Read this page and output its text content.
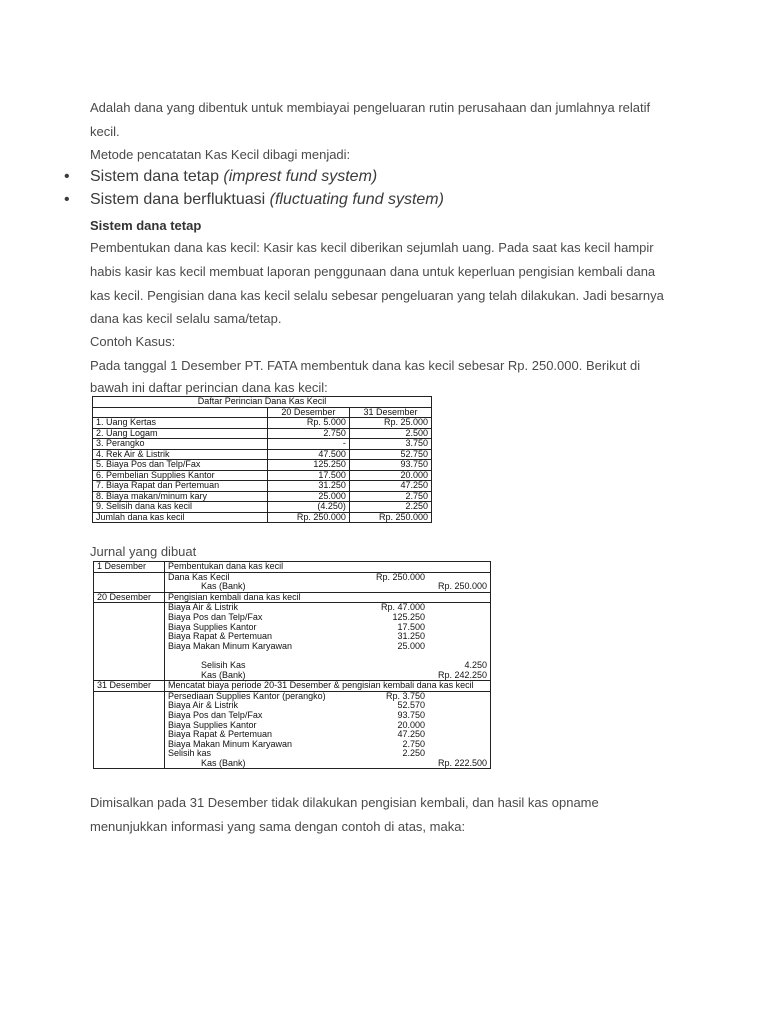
Adalah dana yang dibentuk untuk membiayai pengeluaran rutin perusahaan dan jumlahnya relatif
kecil.
Metode pencatatan Kas Kecil dibagi menjadi:
• Sistem dana tetap (imprest fund system)
• Sistem dana berfluktuasi (fluctuating fund system)
Sistem dana tetap
Pembentukan dana kas kecil: Kasir kas kecil diberikan sejumlah uang. Pada saat kas kecil hampir
habis kasir kas kecil membuat laporan penggunaan dana untuk keperluan pengisian kembali dana
kas kecil. Pengisian dana kas kecil selalu sebesar pengeluaran yang telah dilakukan. Jadi besarnya
dana kas kecil selalu sama/tetap.
Contoh Kasus:
Pada tanggal 1 Desember PT. FATA membentuk dana kas kecil sebesar Rp. 250.000. Berikut di
bawah ini daftar perincian dana kas kecil:
Daftar Perincian Dana Kas Kecil		
	20 Desember	31 Desember
1. Uang Kertas	Rp. 5.000	Rp. 25.000
2. Uang Logam	2.750	2.500
3. Perangko	-	3.750
4. Rek Air & Listrik	47.500	52.750
5. Biaya Pos dan Telp/Fax	125.250	93.750
6. Pembelian Supplies Kantor	17.500	20.000
7. Biaya Rapat dan Pertemuan	31.250	47.250
8. Biaya makan/minum kary	25.000	2.750
9. Selisih dana kas kecil	(4.250)	2.250
Jumlah dana kas kecil	Rp. 250.000	Rp. 250.000
Jurnal yang dibuat
1 Desember	Pembentukan dana kas kecil		
	Dana Kas Kecil	Rp. 250.000	
	Kas (Bank)		Rp. 250.000
20 Desember	Pengisian kembali dana kas kecil		
	Biaya Air & Listrik	Rp. 47.000	
	Biaya Pos dan Telp/Fax	125.250	
	Biaya Supplies Kantor	17.500	
	Biaya Rapat & Pertemuan	31.250	
	Biaya Makan Minum Karyawan	25.000	

	Selisih Kas		4.250
	Kas (Bank)		Rp. 242.250
31 Desember	Mencatat biaya periode 20-31 Desember & pengisian kembali dana kas kecil		
	Persediaan Supplies Kantor (perangko)	Rp. 3.750	
	Biaya Air & Listrik	52.570	
	Biaya Pos dan Telp/Fax	93.750	
	Biaya Supplies Kantor	20.000	
	Biaya Rapat & Pertemuan	47.250	
	Biaya Makan Minum Karyawan	2.750	
	Selisih kas	2.250	
	Kas (Bank)		Rp. 222.500
Dimisalkan pada 31 Desember tidak dilakukan pengisian kembali, dan hasil kas opname
menunjukkan informasi yang sama dengan contoh di atas, maka:
